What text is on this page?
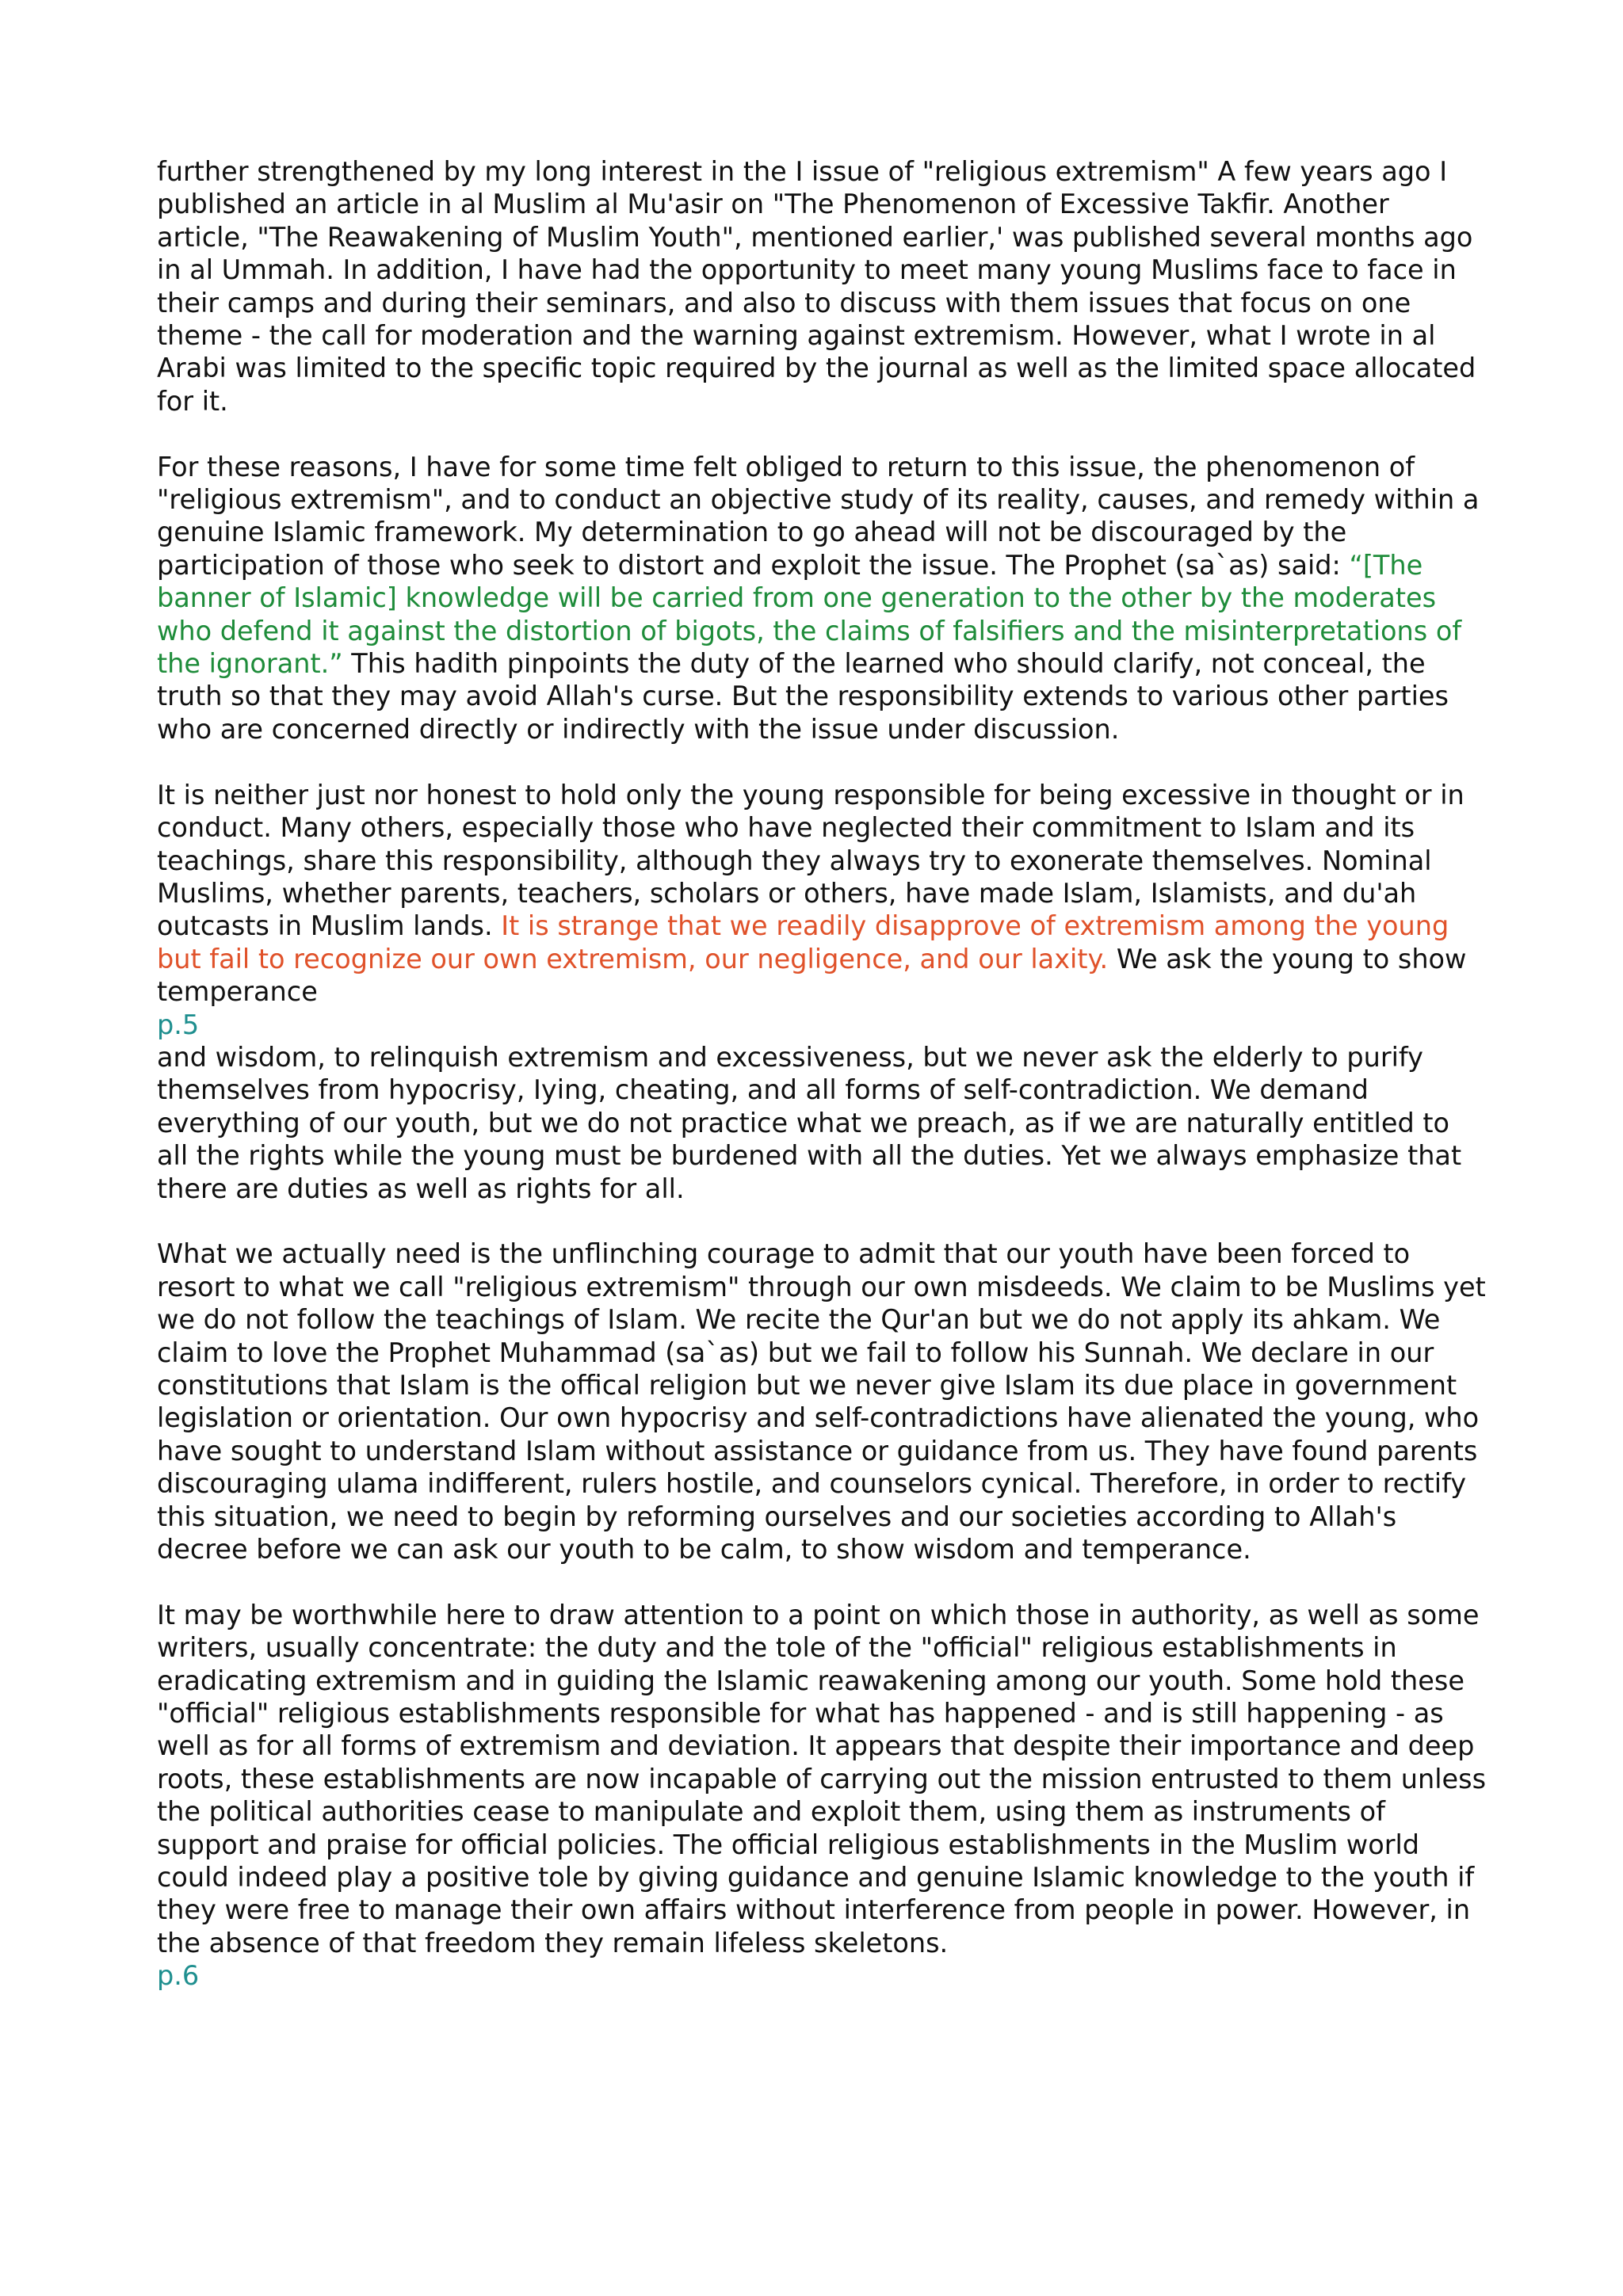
further strengthened by my long interest in the I issue of "religious extremism" A few years ago I published an article in al Muslim al Mu'asir on "The Phenomenon of Excessive Takfir. Another article, "The Reawakening of Muslim Youth", mentioned earlier,' was published several months ago in al Ummah. In addition, I have had the opportunity to meet many young Muslims face to face in their camps and during their seminars, and also to discuss with them issues that focus on one theme - the call for moderation and the warning against extremism. However, what I wrote in al Arabi was limited to the specific topic required by the journal as well as the limited space allocated for it.

For these reasons, I have for some time felt obliged to return to this issue, the phenomenon of "religious extremism", and to conduct an objective study of its reality, causes, and remedy within a genuine Islamic framework. My determination to go ahead will not be discouraged by the participation of those who seek to distort and exploit the issue. The Prophet (sa`as) said: “[The banner of Islamic] knowledge will be carried from one generation to the other by the moderates who defend it against the distortion of bigots, the claims of falsifiers and the misinterpretations of the ignorant.” This hadith pinpoints the duty of the learned who should clarify, not conceal, the truth so that they may avoid Allah's curse. But the responsibility extends to various other parties who are concerned directly or indirectly with the issue under discussion.

It is neither just nor honest to hold only the young responsible for being excessive in thought or in conduct. Many others, especially those who have neglected their commitment to Islam and its teachings, share this responsibility, although they always try to exonerate themselves. Nominal Muslims, whether parents, teachers, scholars or others, have made Islam, Islamists, and du'ah outcasts in Muslim lands. It is strange that we readily disapprove of extremism among the young but fail to recognize our own extremism, our negligence, and our laxity. We ask the young to show temperance

p.5

and wisdom, to relinquish extremism and excessiveness, but we never ask the elderly to purify themselves from hypocrisy, Iying, cheating, and all forms of self-contradiction. We demand everything of our youth, but we do not practice what we preach, as if we are naturally entitled to all the rights while the young must be burdened with all the duties. Yet we always emphasize that there are duties as well as rights for all.

What we actually need is the unflinching courage to admit that our youth have been forced to resort to what we call "religious extremism" through our own misdeeds. We claim to be Muslims yet we do not follow the teachings of Islam. We recite the Qur'an but we do not apply its ahkam. We claim to love the Prophet Muhammad (sa`as) but we fail to follow his Sunnah. We declare in our constitutions that Islam is the offical religion but we never give Islam its due place in government legislation or orientation. Our own hypocrisy and self-contradictions have alienated the young, who have sought to understand Islam without assistance or guidance from us. They have found parents discouraging ulama indifferent, rulers hostile, and counselors cynical. Therefore, in order to rectify this situation, we need to begin by reforming ourselves and our societies according to Allah's decree before we can ask our youth to be calm, to show wisdom and temperance.

It may be worthwhile here to draw attention to a point on which those in authority, as well as some writers, usually concentrate: the duty and the tole of the "official" religious establishments in eradicating extremism and in guiding the Islamic reawakening among our youth. Some hold these "official" religious establishments responsible for what has happened - and is still happening - as well as for all forms of extremism and deviation. It appears that despite their importance and deep roots, these establishments are now incapable of carrying out the mission entrusted to them unless the political authorities cease to manipulate and exploit them, using them as instruments of support and praise for official policies. The official religious establishments in the Muslim world could indeed play a positive tole by giving guidance and genuine Islamic knowledge to the youth if they were free to manage their own affairs without interference from people in power. However, in the absence of that freedom they remain lifeless skeletons.

p.6
